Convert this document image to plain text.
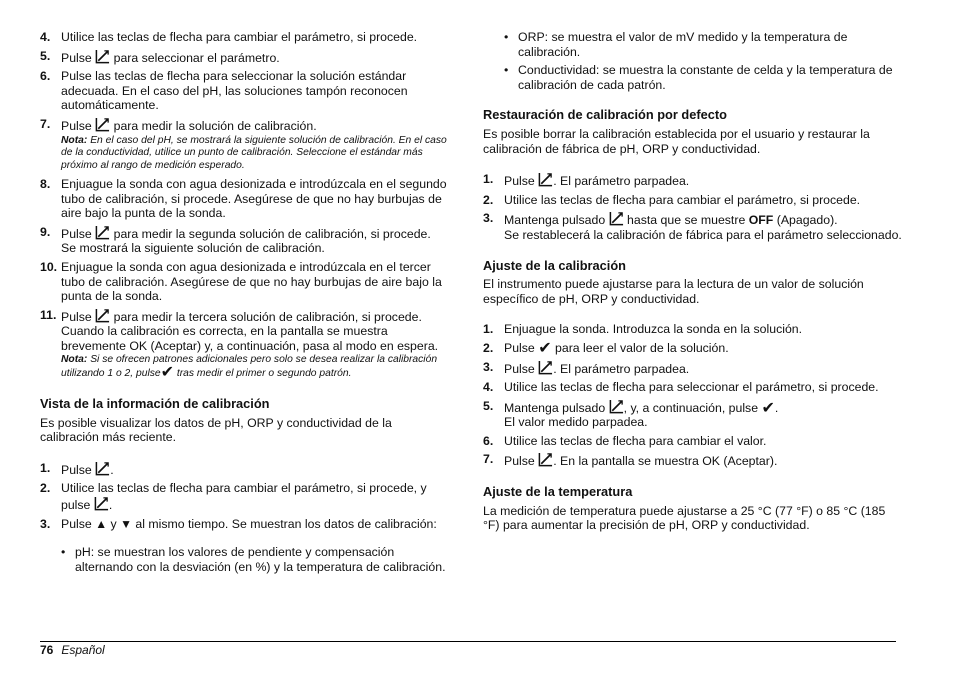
4. Utilice las teclas de flecha para cambiar el parámetro, si procede.
5. Pulse para seleccionar el parámetro.
6. Pulse las teclas de flecha para seleccionar la solución estándar adecuada. En el caso del pH, las soluciones tampón reconocen automáticamente.
7. Pulse para medir la solución de calibración.
Nota: En el caso del pH, se mostrará la siguiente solución de calibración. En el caso de la conductividad, utilice un punto de calibración. Seleccione el estándar más próximo al rango de medición esperado.
8. Enjuague la sonda con agua desionizada e introdúzcala en el segundo tubo de calibración, si procede. Asegúrese de que no hay burbujas de aire bajo la punta de la sonda.
9. Pulse para medir la segunda solución de calibración, si procede. Se mostrará la siguiente solución de calibración.
10. Enjuague la sonda con agua desionizada e introdúzcala en el tercer tubo de calibración. Asegúrese de que no hay burbujas de aire bajo la punta de la sonda.
11. Pulse para medir la tercera solución de calibración, si procede. Cuando la calibración es correcta, en la pantalla se muestra brevemente OK (Aceptar) y, a continuación, pasa al modo en espera.
Nota: Si se ofrecen patrones adicionales pero solo se desea realizar la calibración utilizando 1 o 2, pulse✔ tras medir el primer o segundo patrón.
Vista de la información de calibración

Es posible visualizar los datos de pH, ORP y conductividad de la calibración más reciente.

1. Pulse .
2. Utilice las teclas de flecha para cambiar el parámetro, si procede, y pulse .
3. Pulse ▲ y ▼ al mismo tiempo. Se muestran los datos de calibración:
• pH: se muestran los valores de pendiente y compensación alternando con la desviación (en %) y la temperatura de calibración.
• ORP: se muestra el valor de mV medido y la temperatura de calibración.
• Conductividad: se muestra la constante de celda y la temperatura de calibración de cada patrón.
Restauración de calibración por defecto

Es posible borrar la calibración establecida por el usuario y restaurar la calibración de fábrica de pH, ORP y conductividad.

1. Pulse . El parámetro parpadea.
2. Utilice las teclas de flecha para cambiar el parámetro, si procede.
3. Mantenga pulsado hasta que se muestre OFF (Apagado).
Se restablecerá la calibración de fábrica para el parámetro seleccionado.
Ajuste de la calibración

El instrumento puede ajustarse para la lectura de un valor de solución específico de pH, ORP y conductividad.

1. Enjuague la sonda. Introduzca la sonda en la solución.
2. Pulse ✔ para leer el valor de la solución.
3. Pulse . El parámetro parpadea.
4. Utilice las teclas de flecha para seleccionar el parámetro, si procede.
5. Mantenga pulsado , y, a continuación, pulse ✔.
El valor medido parpadea.
6. Utilice las teclas de flecha para cambiar el valor.
7. Pulse . En la pantalla se muestra OK (Aceptar).
Ajuste de la temperatura

La medición de temperatura puede ajustarse a 25 °C (77 °F) o 85 °C (185 °F) para aumentar la precisión de pH, ORP y conductividad.

76 Español
